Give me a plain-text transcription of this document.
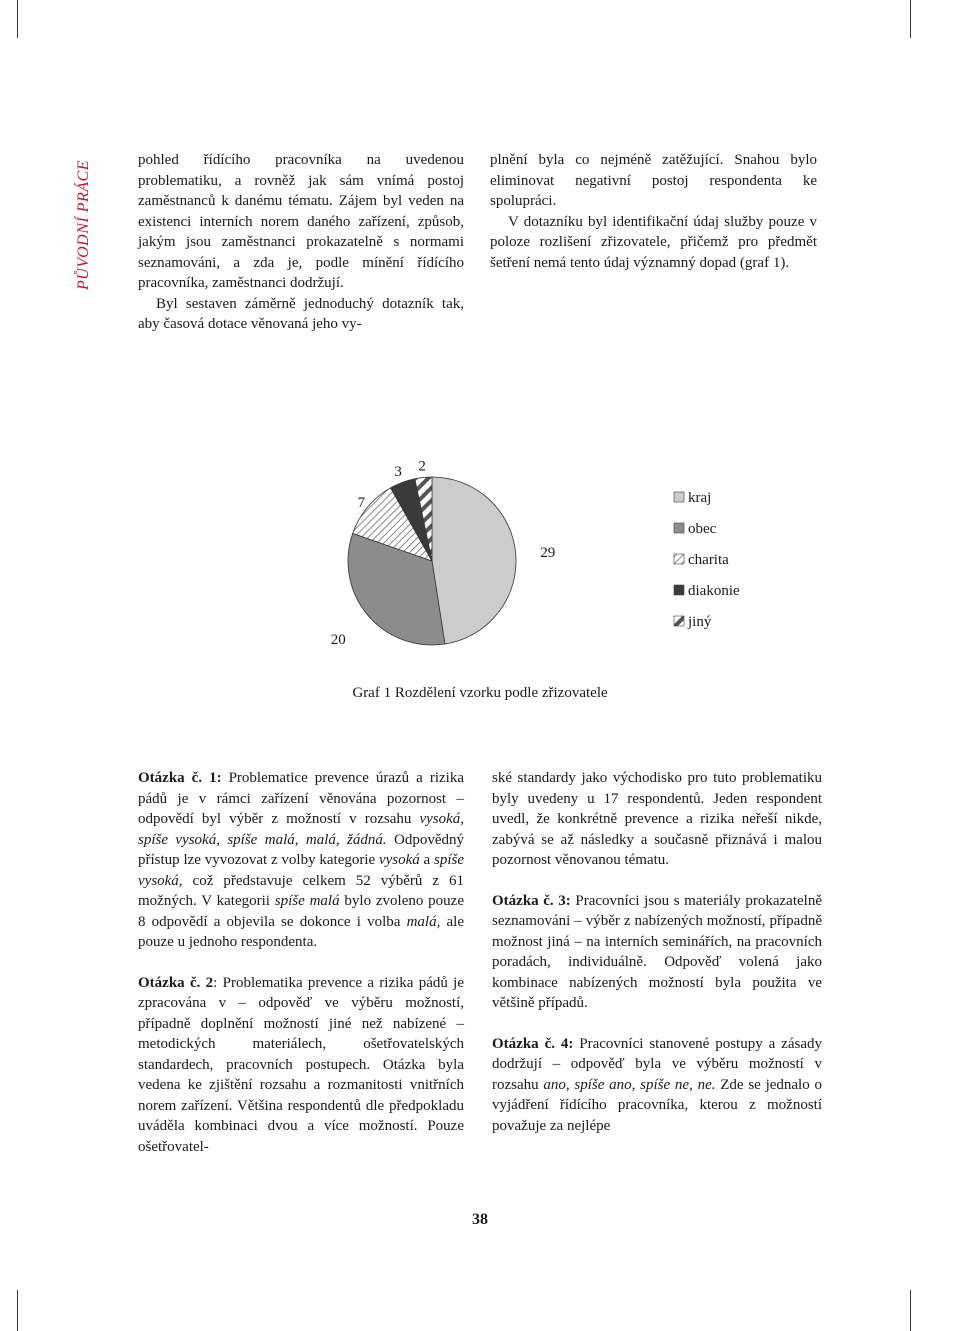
PŮVODNÍ PRÁCE	pohled řídícího pracovníka na uvedenou problematiku, a rovněž jak sám vnímá postoj zaměstnanců k danému tématu. Zájem byl veden na existenci interních norem daného zařízení, způsob, jakým jsou zaměstnanci prokazatelně s normami seznamováni, a zda je, podle mínění řídícího pracovníka, zaměstnanci dodržují.

Byl sestaven záměrně jednoduchý dotazník tak, aby časová dotace věnovaná jeho vy-

plnění byla co nejméně zatěžující. Snahou bylo eliminovat negativní postoj respondenta ke spolupráci.

V dotazníku byl identifikační údaj služby pouze v poloze rozlišení zřizovatele, přičemž pro předmět šetření nemá tento údaj významný dopad (graf 1).

29
20
7
3 2
kraj
obec
charita
diakonie
jiný
Graf 1 Rozdělení vzorku podle zřizovatele

Otázka č. 1: Problematice prevence úrazů a rizika pádů je v rámci zařízení věnována pozornost – odpovědí byl výběr z možností v rozsahu vysoká, spíše vysoká, spíše malá, malá, žádná. Odpovědný přístup lze vyvozovat z volby kategorie vysoká a spíše vysoká, což představuje celkem 52 výběrů z 61 možných. V kategorii spíše malá bylo zvoleno pouze 8 odpovědí a objevila se dokonce i volba malá, ale pouze u jednoho respondenta.

Otázka č. 2: Problematika prevence a rizika pádů je zpracována v – odpověď ve výběru možností, případně doplnění možností jiné než nabízené – metodických materiálech, ošetřovatelských standardech, pracovních postupech. Otázka byla vedena ke zjištění rozsahu a rozmanitosti vnitřních norem zařízení. Většina respondentů dle předpokladu uváděla kombinaci dvou a více možností. Pouze ošetřovatel-

ské standardy jako východisko pro tuto problematiku byly uvedeny u 17 respondentů. Jeden respondent uvedl, že konkrétně prevence a rizika neřeší nikde, zabývá se až následky a současně přiznává i malou pozornost věnovanou tématu.

Otázka č. 3: Pracovníci jsou s materiály prokazatelně seznamováni – výběr z nabízených možností, případně možnost jiná – na interních seminářích, na pracovních poradách, individuálně. Odpověď volená jako kombinace nabízených možností byla použita ve většině případů.

Otázka č. 4: Pracovníci stanovené postupy a zásady dodržují – odpověď byla ve výběru možností v rozsahu ano, spíše ano, spíše ne, ne. Zde se jednalo o vyjádření řídícího pracovníka, kterou z možností považuje za nejlépe

38
